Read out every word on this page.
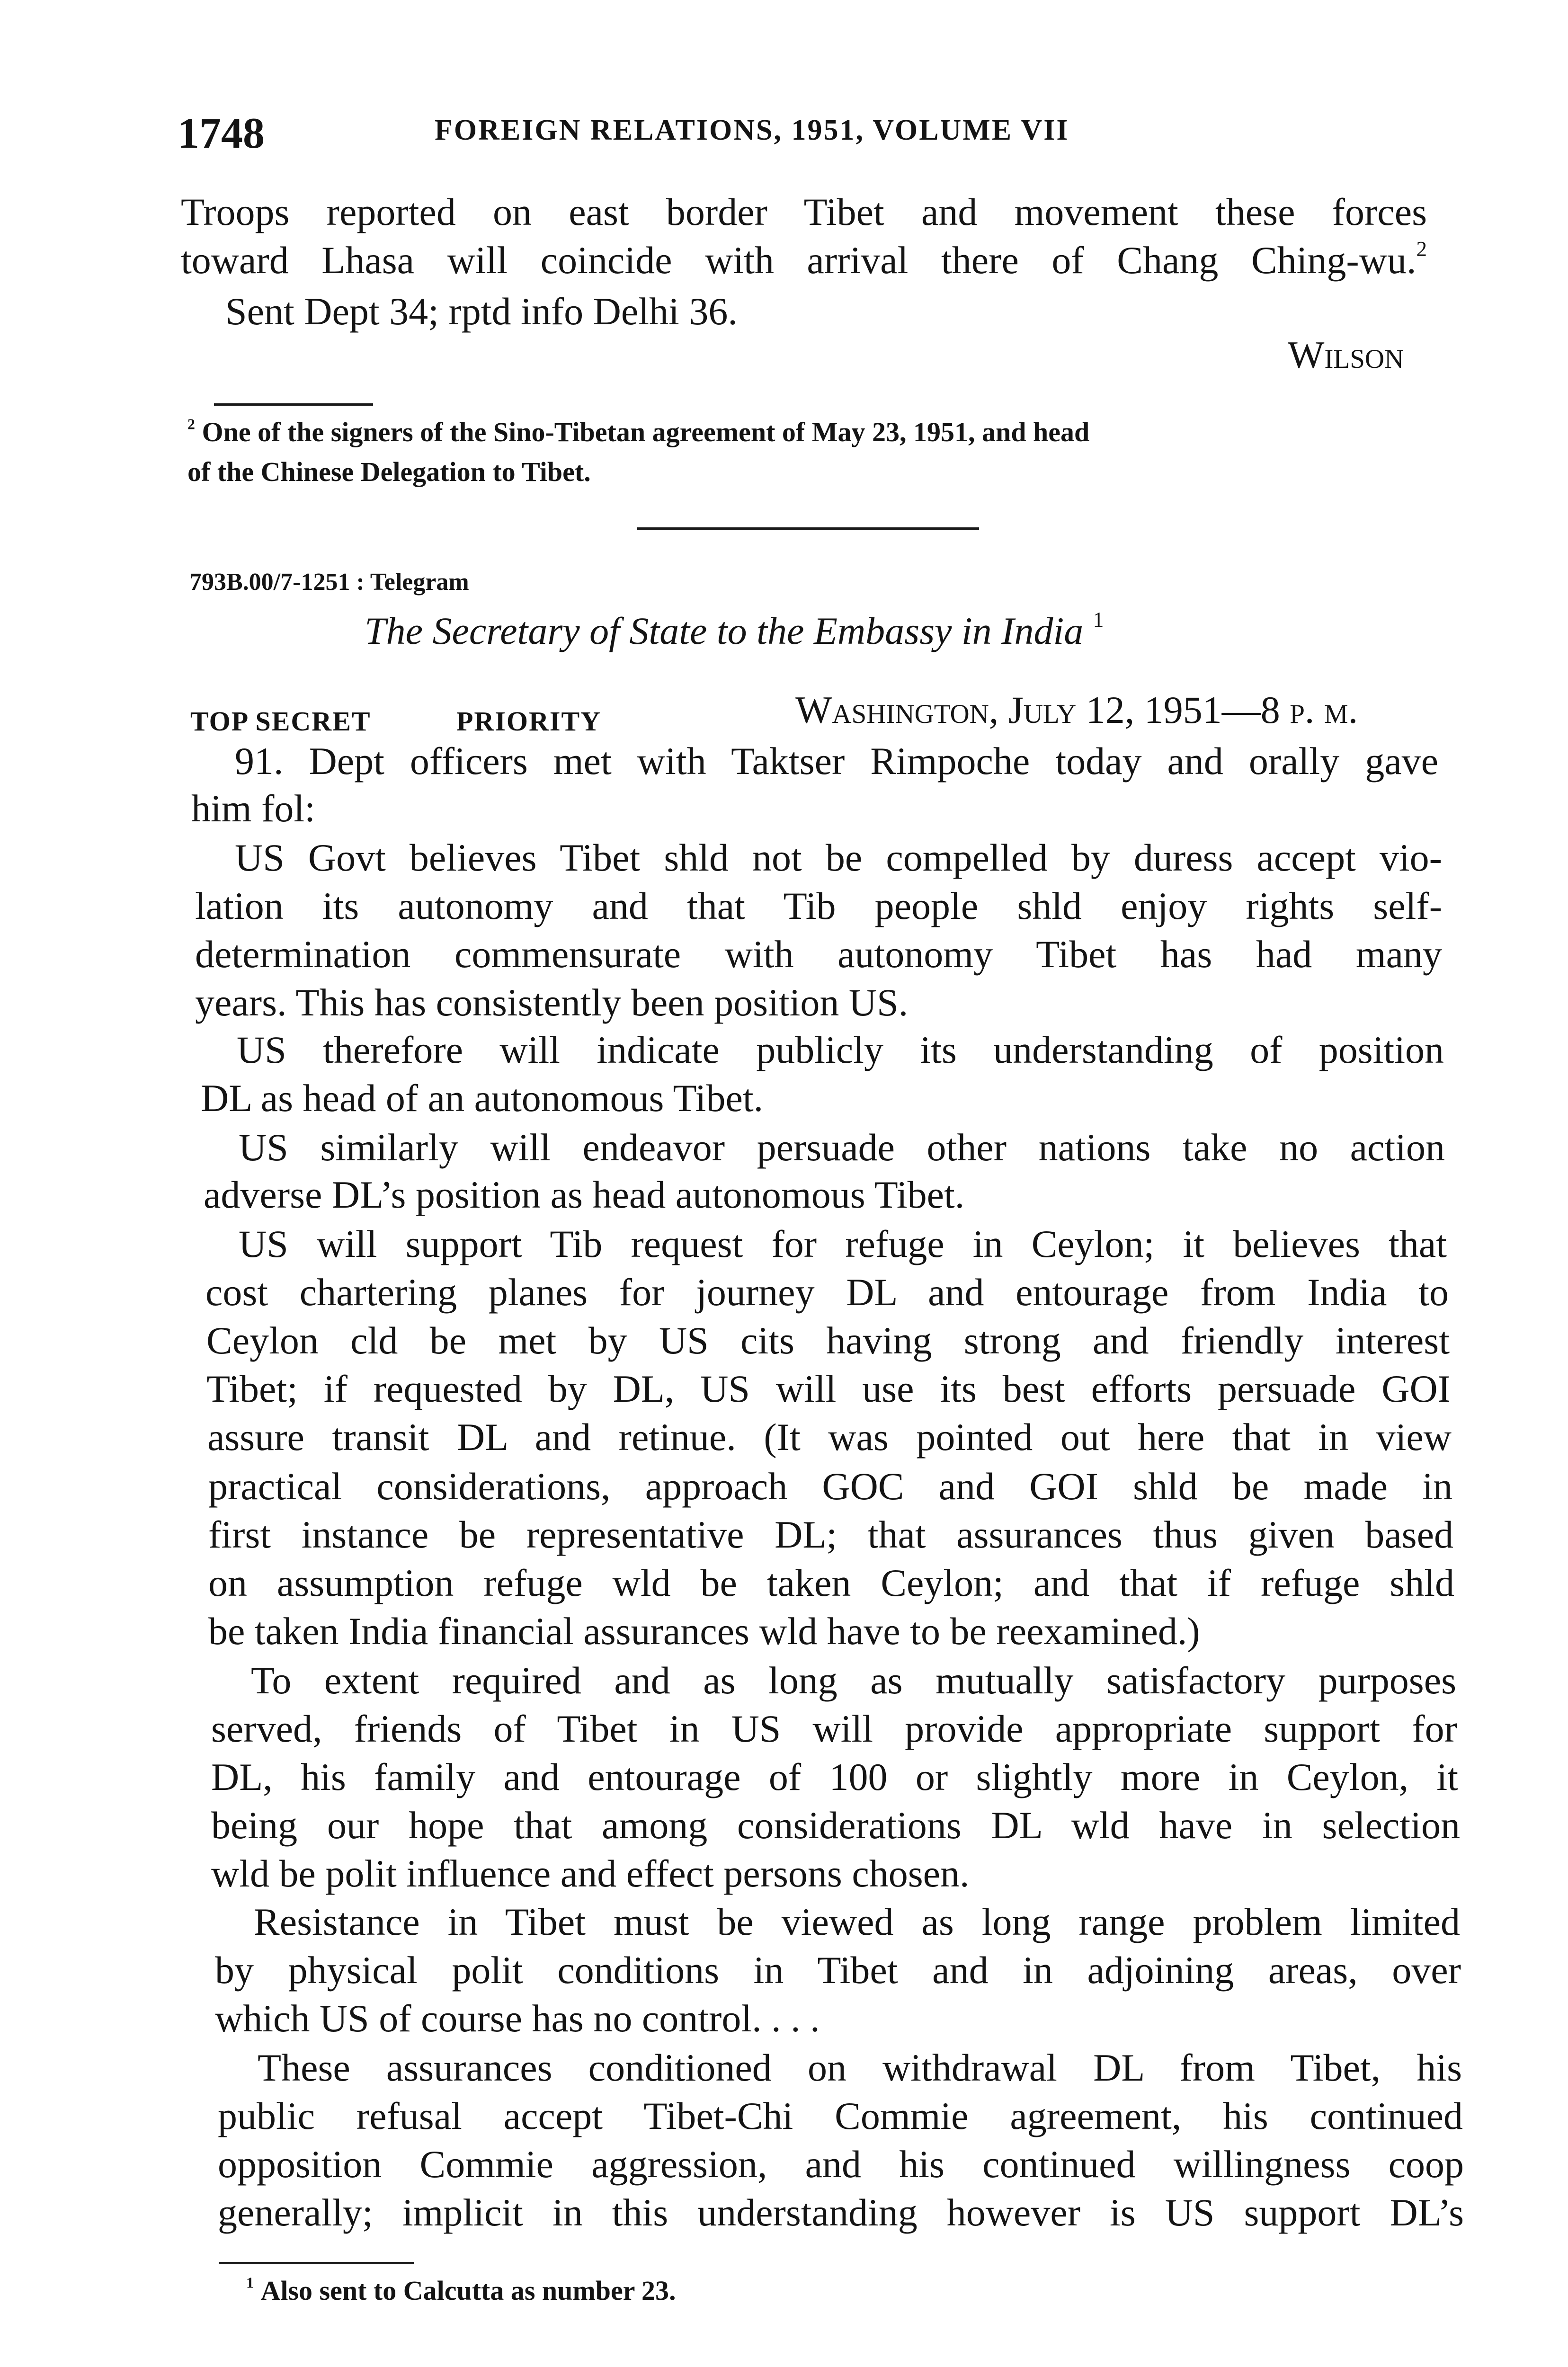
1748	FOREIGN RELATIONS, 1951, VOLUME VII
Troops reported on east border Tibet and movement these forces
toward Lhasa will coincide with arrival there of Chang Ching-wu.$^2$
Sent Dept 34; rptd info Delhi 36.
Wilson
$^2$ One of the signers of the Sino-Tibetan agreement of May 23, 1951, and head
of the Chinese Delegation to Tibet.
793B.00/7-1251 : Telegram
The Secretary of State to the Embassy in India $^1$
TOP SECRET	PRIORITY	Washington, July 12, 1951—8 p. m.
91. Dept officers met with Taktser Rimpoche today and orally gave
him fol:
US Govt believes Tibet shld not be compelled by duress accept vio-
lation its autonomy and that Tib people shld enjoy rights self-
determination commensurate with autonomy Tibet has had many
years. This has consistently been position US.
US therefore will indicate publicly its understanding of position
DL as head of an autonomous Tibet.
US similarly will endeavor persuade other nations take no action
adverse DL’s position as head autonomous Tibet.
US will support Tib request for refuge in Ceylon; it believes that
cost chartering planes for journey DL and entourage from India to
Ceylon cld be met by US cits having strong and friendly interest
Tibet; if requested by DL, US will use its best efforts persuade GOI
assure transit DL and retinue. (It was pointed out here that in view
practical considerations, approach GOC and GOI shld be made in
first instance be representative DL; that assurances thus given based
on assumption refuge wld be taken Ceylon; and that if refuge shld
be taken India financial assurances wld have to be reexamined.)
To extent required and as long as mutually satisfactory purposes
served, friends of Tibet in US will provide appropriate support for
DL, his family and entourage of 100 or slightly more in Ceylon, it
being our hope that among considerations DL wld have in selection
wld be polit influence and effect persons chosen.
Resistance in Tibet must be viewed as long range problem limited
by physical polit conditions in Tibet and in adjoining areas, over
which US of course has no control. . . .
These assurances conditioned on withdrawal DL from Tibet, his
public refusal accept Tibet-Chi Commie agreement, his continued
opposition Commie aggression, and his continued willingness coop
generally; implicit in this understanding however is US support DL’s
$^1$ Also sent to Calcutta as number 23.
